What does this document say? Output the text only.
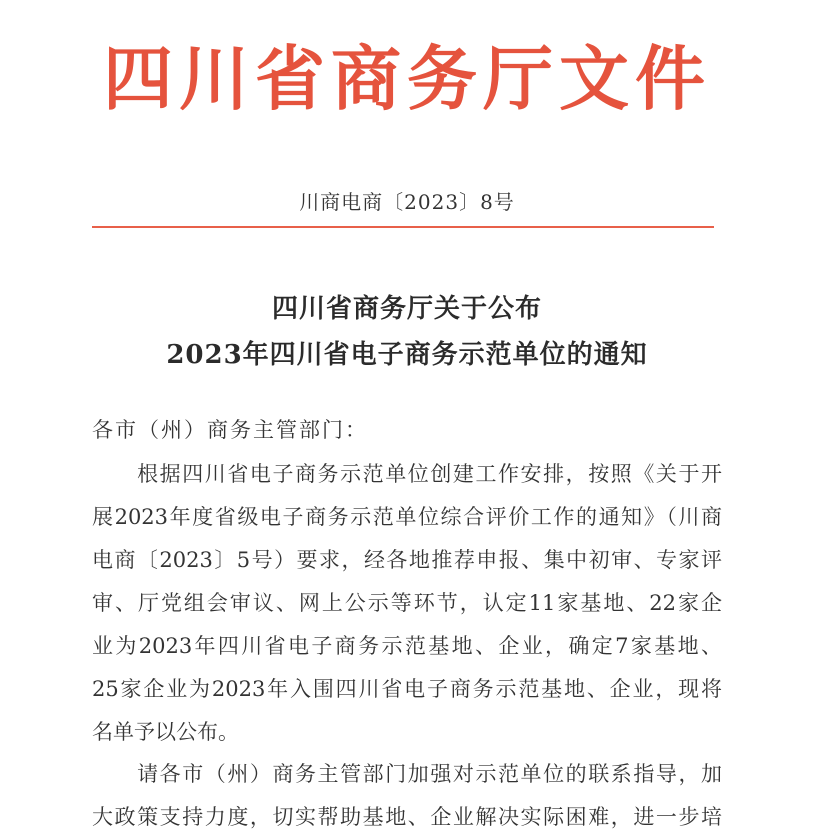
四川省商务厅文件
川商电商〔2023〕8号
四川省商务厅关于公布
2023年四川省电子商务示范单位的通知
各市（州）商务主管部门：
　　根据四川省电子商务示范单位创建工作安排，按照《关于开
展2023年度省级电子商务示范单位综合评价工作的通知》（川商
电商〔2023〕5号）要求，经各地推荐申报、集中初审、专家评
审、厅党组会审议、网上公示等环节，认定11家基地、22家企
业为2023年四川省电子商务示范基地、企业，确定7家基地、
25家企业为2023年入围四川省电子商务示范基地、企业，现将
名单予以公布。
　　请各市（州）商务主管部门加强对示范单位的联系指导，加
大政策支持力度，切实帮助基地、企业解决实际困难，进一步培
